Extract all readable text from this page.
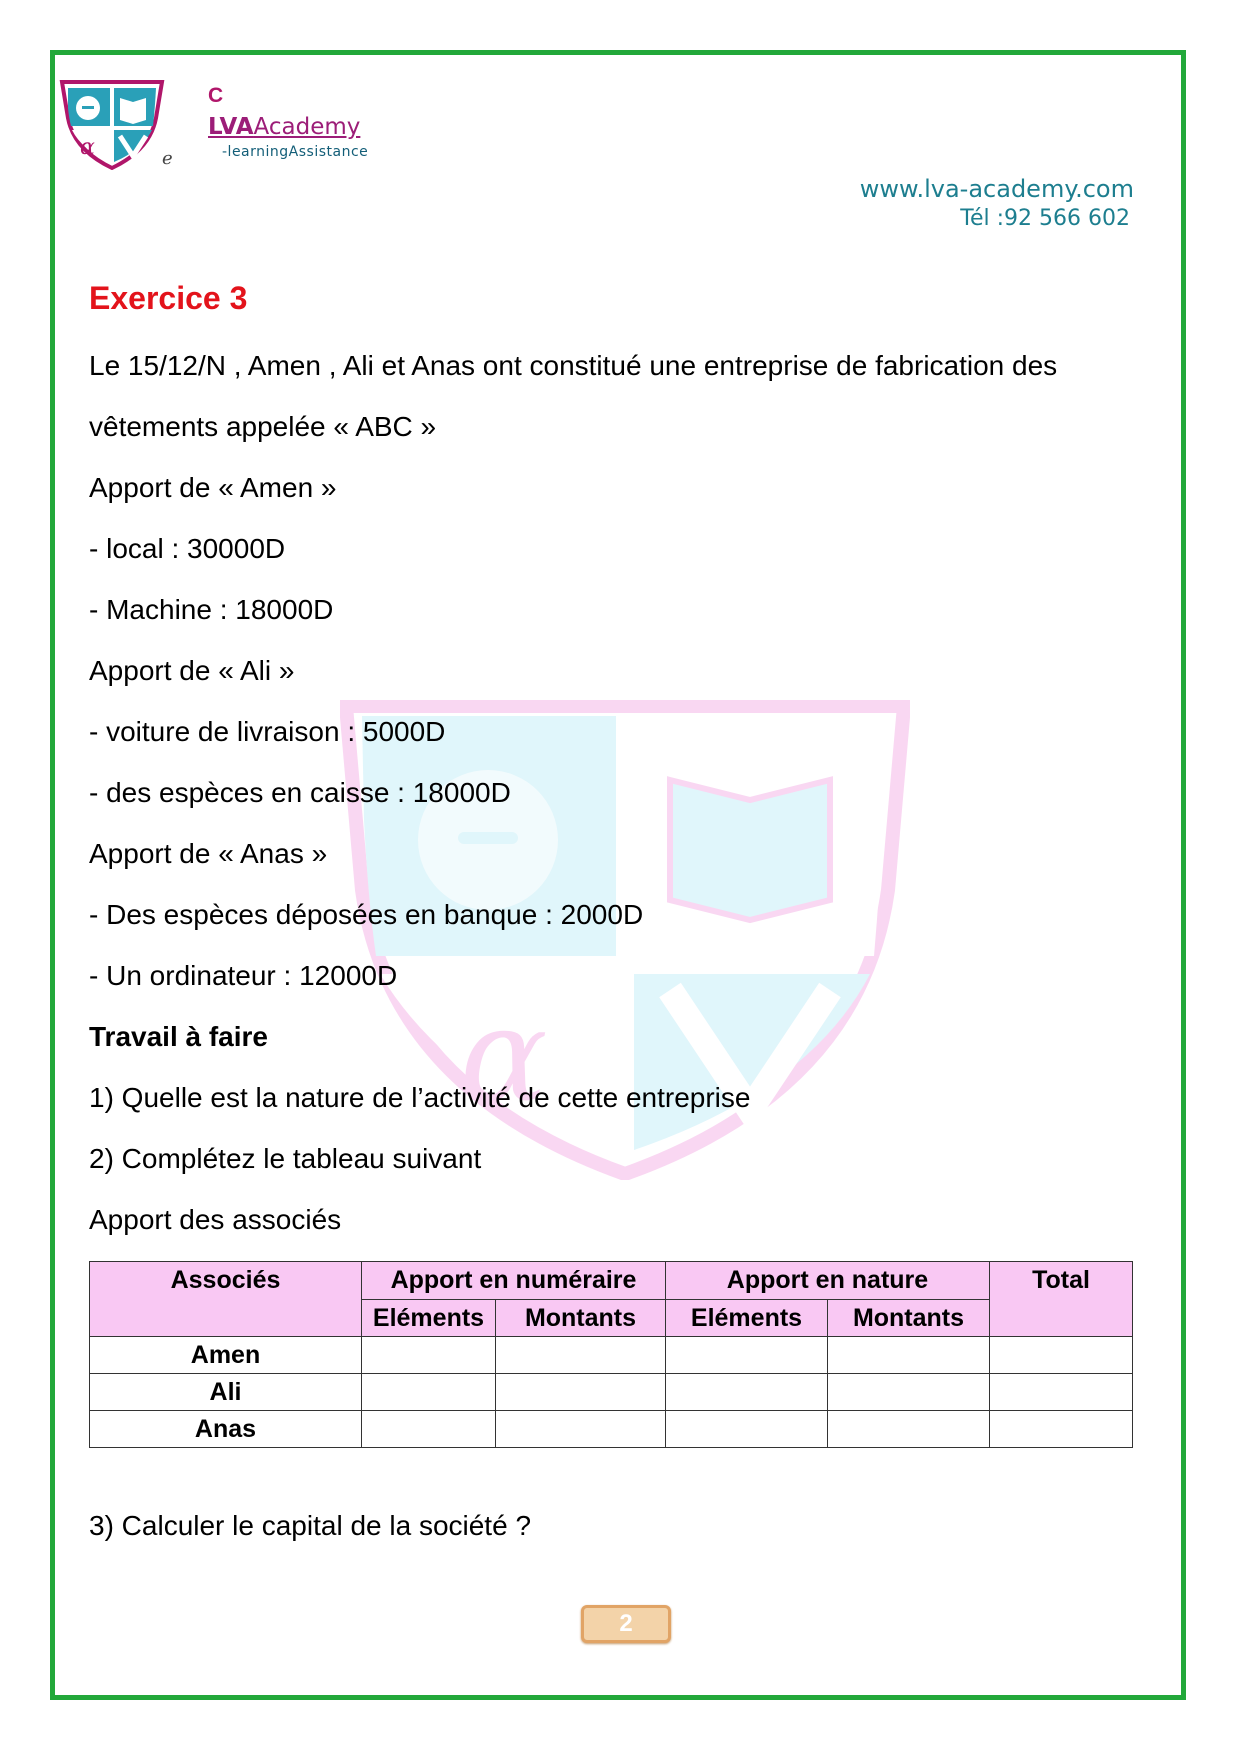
α
C
e
LVAAcademy
-learningAssistance
www.lva-academy.com
Tél :92 566 602
α
Exercice 3
Le 15/12/N , Amen , Ali et Anas ont constitué une entreprise de fabrication des
vêtements appelée « ABC »
Apport de « Amen »
- local : 30000D
- Machine : 18000D
Apport de « Ali »
- voiture de livraison : 5000D
- des espèces en caisse : 18000D
Apport de « Anas »
- Des espèces déposées en banque : 2000D
- Un ordinateur : 12000D
Travail à faire
1) Quelle est la nature de l’activité de cette entreprise
2) Complétez le tableau suivant
Apport des associés
Associés	Apport en numéraire		Apport en nature		Total
	Eléments	Montants	Eléments	Montants	
Amen					
Ali					
Anas					
3) Calculer le capital de la société ?
2
